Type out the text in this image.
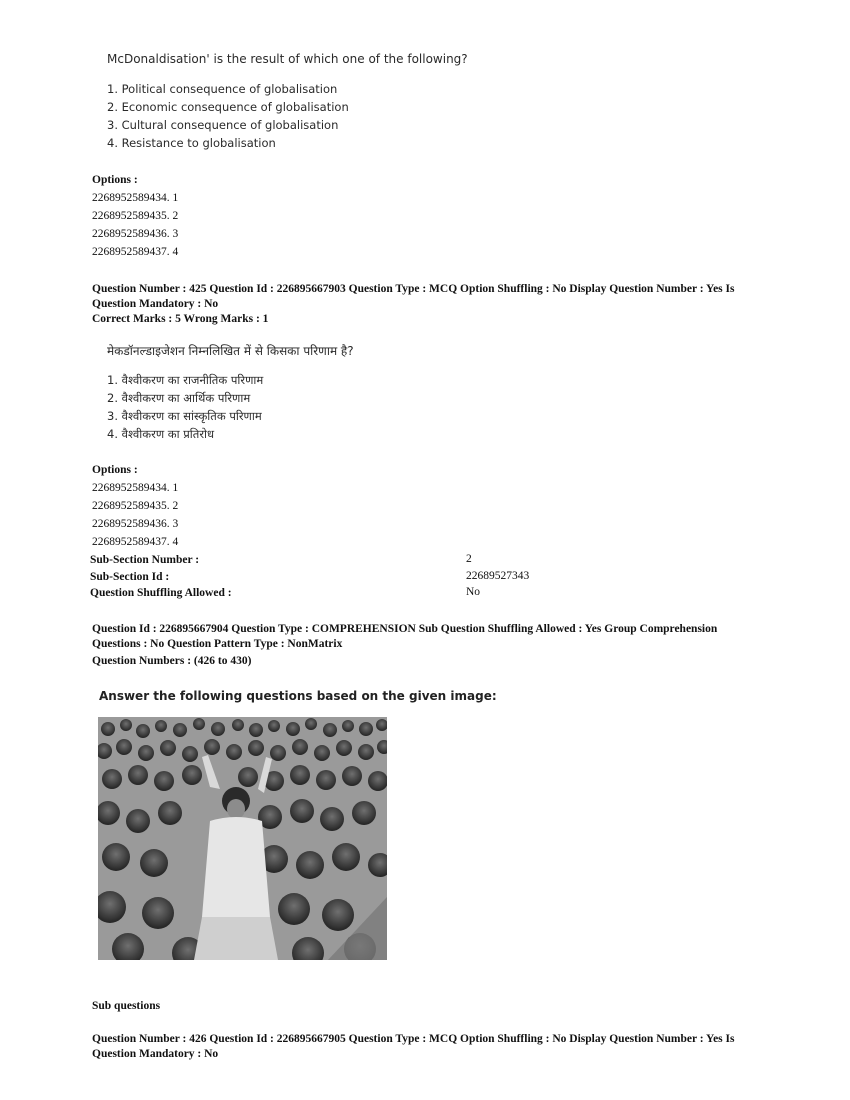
McDonaldisation' is the result of which one of the following?
1. Political consequence of globalisation
2. Economic consequence of globalisation
3. Cultural consequence of globalisation
4. Resistance to globalisation
Options :
2268952589434. 1
2268952589435. 2
2268952589436. 3
2268952589437. 4
Question Number : 425 Question Id : 226895667903 Question Type : MCQ Option Shuffling : No Display Question Number : Yes Is
Question Mandatory : No
Correct Marks : 5 Wrong Marks : 1
मेकडॉनल्डाइजेशन निम्नलिखित में से किसका परिणाम है?
1. वैश्वीकरण का राजनीतिक परिणाम
2. वैश्वीकरण का आर्थिक परिणाम
3. वैश्वीकरण का सांस्कृतिक परिणाम
4. वैश्वीकरण का प्रतिरोध
Options :
2268952589434. 1
2268952589435. 2
2268952589436. 3
2268952589437. 4
Sub-Section Number :	2
Sub-Section Id :	22689527343
Question Shuffling Allowed :	No
Question Id : 226895667904 Question Type : COMPREHENSION Sub Question Shuffling Allowed : Yes Group Comprehension
Questions : No Question Pattern Type : NonMatrix
Question Numbers : (426 to 430)
Answer the following questions based on the given image:
Sub questions
Question Number : 426 Question Id : 226895667905 Question Type : MCQ Option Shuffling : No Display Question Number : Yes Is
Question Mandatory : No
